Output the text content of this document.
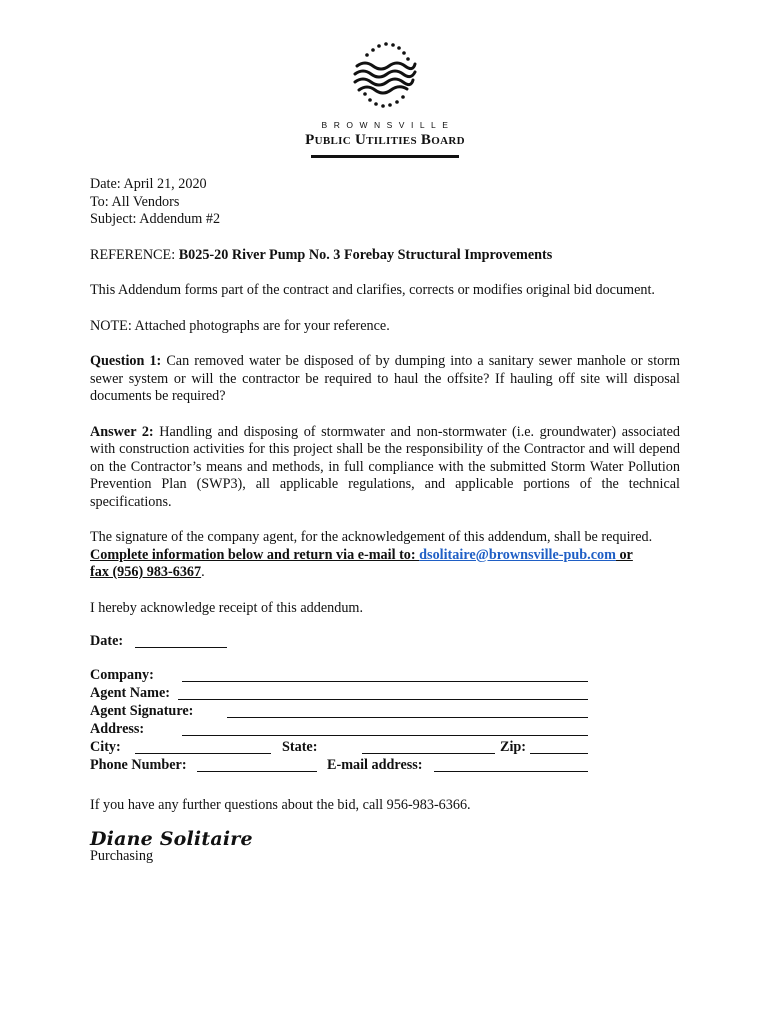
BROWNSVILLE
Public Utilities Board

Date: April 21, 2020

To: All Vendors

Subject: Addendum #2

REFERENCE: B025-20 River Pump No. 3 Forebay Structural Improvements

This Addendum forms part of the contract and clarifies, corrects or modifies original bid document.

NOTE: Attached photographs are for your reference.

Question 1: Can removed water be disposed of by dumping into a sanitary sewer manhole or storm sewer system or will the contractor be required to haul the offsite? If hauling off site will disposal documents be required?

Answer 2: Handling and disposing of stormwater and non-stormwater (i.e. groundwater) associated with construction activities for this project shall be the responsibility of the Contractor and will depend on the Contractor’s means and methods, in full compliance with the submitted Storm Water Pollution Prevention Plan (SWP3), all applicable regulations, and applicable portions of the technical specifications.

The signature of the company agent, for the acknowledgement of this addendum, shall be required.
Complete information below and return via e-mail to: dsolitaire@brownsville-pub.com or
fax (956) 983-6367.

I hereby acknowledge receipt of this addendum.

Date:
Company:
Agent Name:
Agent Signature:
Address:
City:	State:	Zip:
Phone Number:	E-mail address:

If you have any further questions about the bid, call 956-983-6366.

Diane Solitaire

Purchasing
